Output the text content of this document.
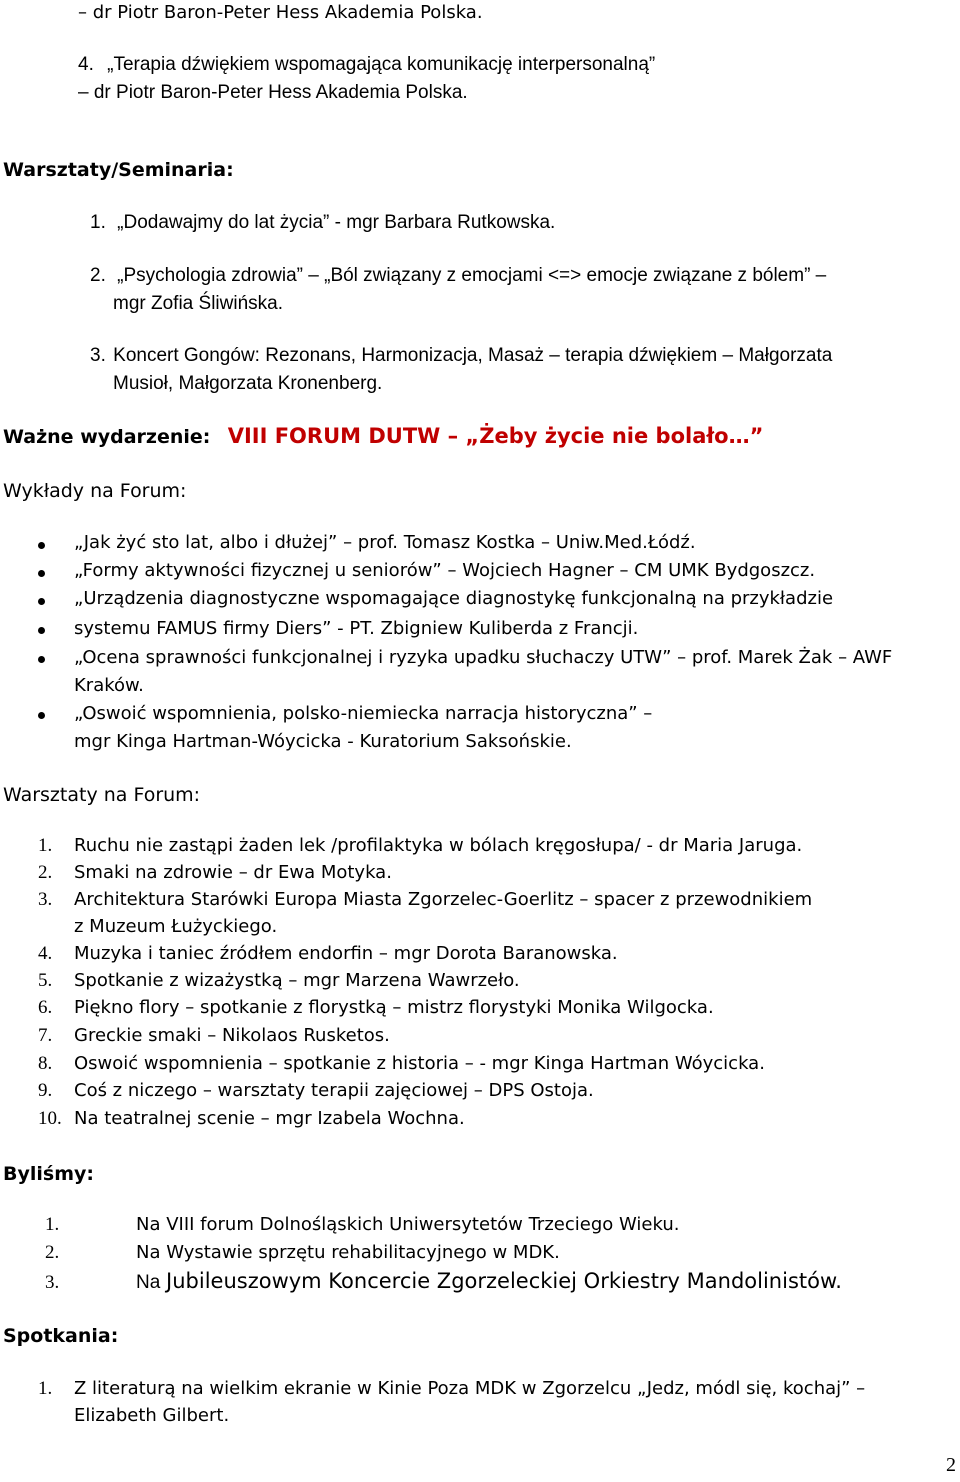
– dr Piotr Baron-Peter Hess Akademia Polska.
4. „Terapia dźwiękiem wspomagająca komunikację interpersonalną”
– dr Piotr Baron-Peter Hess Akademia Polska.
Warsztaty/Seminaria:
1. „Dodawajmy do lat życia” - mgr Barbara Rutkowska.
2. „Psychologia zdrowia” – „Ból związany z emocjami <=> emocje związane z bólem” –
mgr Zofia Śliwińska.
3. Koncert Gongów: Rezonans, Harmonizacja, Masaż – terapia dźwiękiem – Małgorzata
Musioł, Małgorzata Kronenberg.
Ważne wydarzenie: VIII FORUM DUTW – „Żeby życie nie bolało…”
Wykłady na Forum:
„Jak żyć sto lat, albo i dłużej” – prof. Tomasz Kostka – Uniw.Med.Łódź.
„Formy aktywności fizycznej u seniorów” – Wojciech Hagner – CM UMK Bydgoszcz.
„Urządzenia diagnostyczne wspomagające diagnostykę funkcjonalną na przykładzie
systemu FAMUS firmy Diers” - PT. Zbigniew Kuliberda z Francji.
„Ocena sprawności funkcjonalnej i ryzyka upadku słuchaczy UTW” – prof. Marek Żak – AWF
Kraków.
„Oswoić wspomnienia, polsko-niemiecka narracja historyczna” –
mgr Kinga Hartman-Wóycicka - Kuratorium Saksońskie.
Warsztaty na Forum:
1. Ruchu nie zastąpi żaden lek /profilaktyka w bólach kręgosłupa/ - dr Maria Jaruga.
2. Smaki na zdrowie – dr Ewa Motyka.
3. Architektura Starówki Europa Miasta Zgorzelec-Goerlitz – spacer z przewodnikiem
z Muzeum Łużyckiego.
4. Muzyka i taniec źródłem endorfin – mgr Dorota Baranowska.
5. Spotkanie z wizażystką – mgr Marzena Wawrzeło.
6. Piękno flory – spotkanie z florystką – mistrz florystyki Monika Wilgocka.
7. Greckie smaki – Nikolaos Rusketos.
8. Oswoić wspomnienia – spotkanie z historia – - mgr Kinga Hartman Wóycicka.
9. Coś z niczego – warsztaty terapii zajęciowej – DPS Ostoja.
10. Na teatralnej scenie – mgr Izabela Wochna.
Byliśmy:
1.	Na VIII forum Dolnośląskich Uniwersytetów Trzeciego Wieku.
2.	Na Wystawie sprzętu rehabilitacyjnego w MDK.
3.	Na Jubileuszowym Koncercie Zgorzeleckiej Orkiestry Mandolinistów.
Spotkania:
1. Z literaturą na wielkim ekranie w Kinie Poza MDK w Zgorzelcu „Jedz, módl się, kochaj” –
Elizabeth Gilbert.
2
